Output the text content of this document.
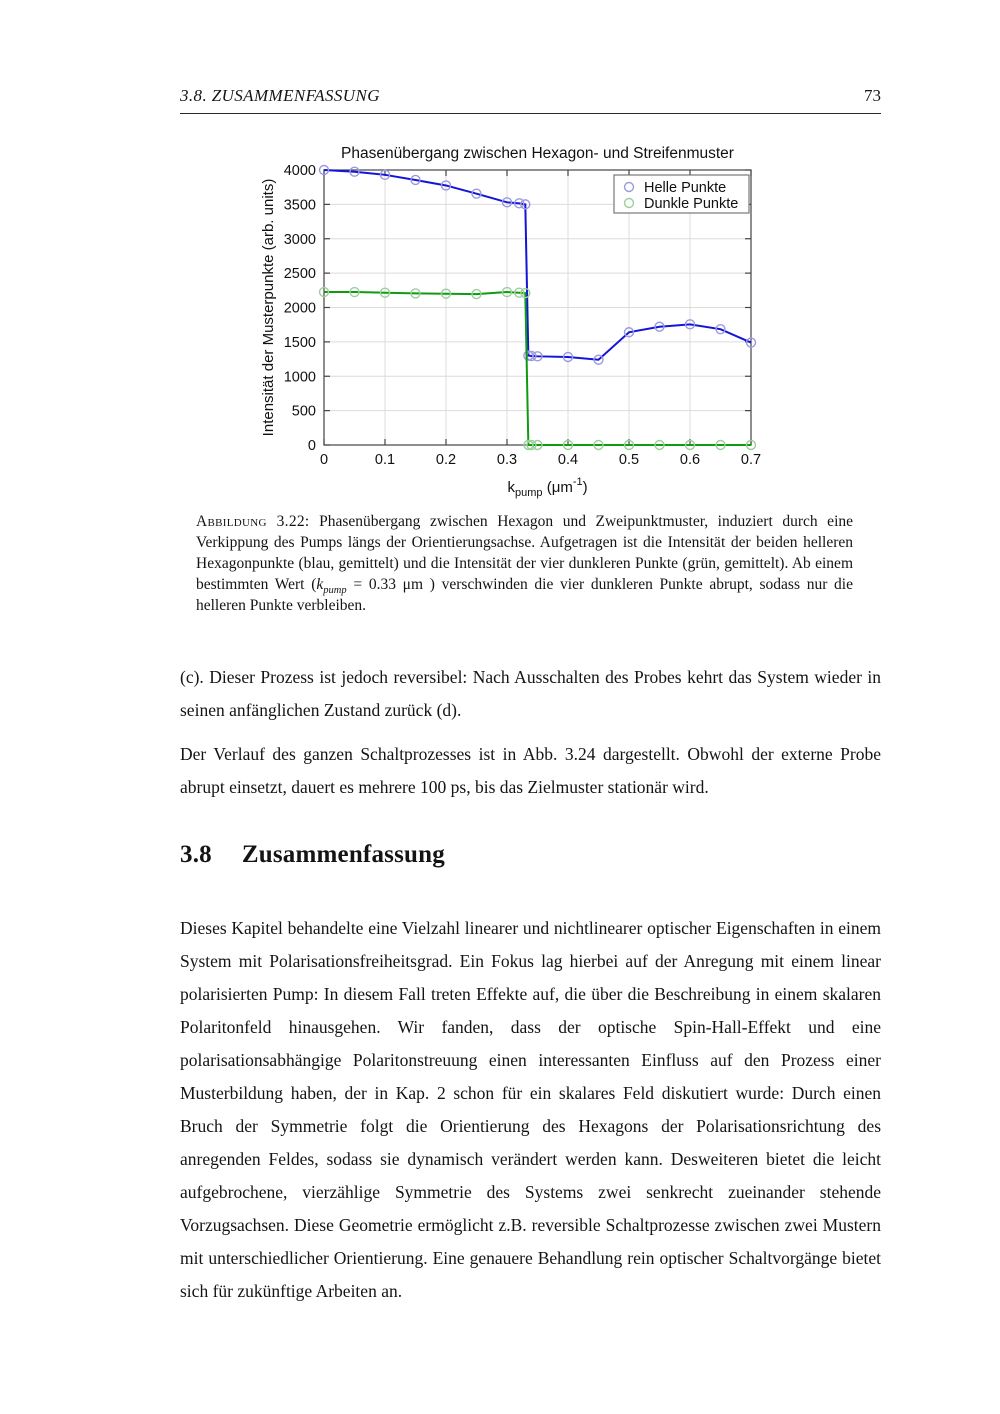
3.8. ZUSAMMENFASSUNG	73
0	0.1	0.2	0.3	0.4	0.5	0.6	0.7
0
500
1000
1500
2000
2500
3000
3500
4000
Phasenübergang zwischen Hexagon- und Streifenmuster
Intensität der Musterpunkte (arb. units)
$k_{pump}$ $(\mu m^{-1})$
Helle Punkte
Dunkle Punkte

Abbildung 3.22: Phasenübergang zwischen Hexagon und Zweipunktmuster, induziert durch eine Verkippung des Pumps längs der Orientierungsachse. Aufgetragen ist die Intensität der beiden helleren Hexagonpunkte (blau, gemittelt) und die Intensität der vier dunkleren Punkte (grün, gemittelt). Ab einem bestimmten Wert ($k_{pump} = 0.33$ μm ) verschwinden die vier dunkleren Punkte abrupt, sodass nur die helleren Punkte verbleiben.

(c). Dieser Prozess ist jedoch reversibel: Nach Ausschalten des Probes kehrt das System wieder in seinen anfänglichen Zustand zurück (d).

Der Verlauf des ganzen Schaltprozesses ist in Abb. 3.24 dargestellt. Obwohl der externe Probe abrupt einsetzt, dauert es mehrere 100 ps, bis das Zielmuster stationär wird.

3.8 Zusammenfassung

Dieses Kapitel behandelte eine Vielzahl linearer und nichtlinearer optischer Eigenschaften in einem System mit Polarisationsfreiheitsgrad. Ein Fokus lag hierbei auf der Anregung mit einem linear polarisierten Pump: In diesem Fall treten Effekte auf, die über die Beschreibung in einem skalaren Polaritonfeld hinausgehen. Wir fanden, dass der optische Spin-Hall-Effekt und eine polarisationsabhängige Polaritonstreuung einen interessanten Einfluss auf den Prozess einer Musterbildung haben, der in Kap. 2 schon für ein skalares Feld diskutiert wurde: Durch einen Bruch der Symmetrie folgt die Orientierung des Hexagons der Polarisationsrichtung des anregenden Feldes, sodass sie dynamisch verändert werden kann. Desweiteren bietet die leicht aufgebrochene, vierzählige Symmetrie des Systems zwei senkrecht zueinander stehende Vorzugsachsen. Diese Geometrie ermöglicht z.B. reversible Schaltprozesse zwischen zwei Mustern mit unterschiedlicher Orientierung. Eine genauere Behandlung rein optischer Schaltvorgänge bietet sich für zukünftige Arbeiten an.
